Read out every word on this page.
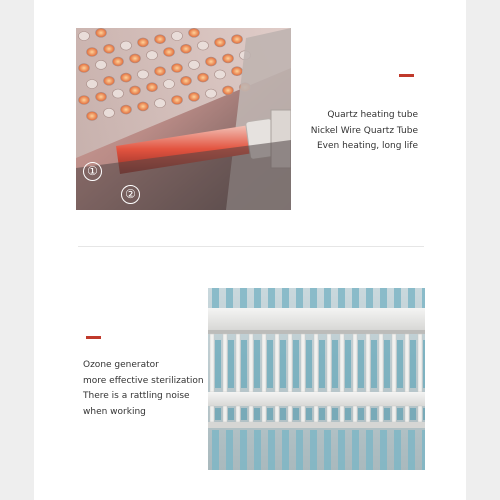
①
②
Quartz heating tube
Nickel Wire Quartz Tube
Even heating, long life
Ozone generator
more effective sterilization
There is a rattling noise
when working
